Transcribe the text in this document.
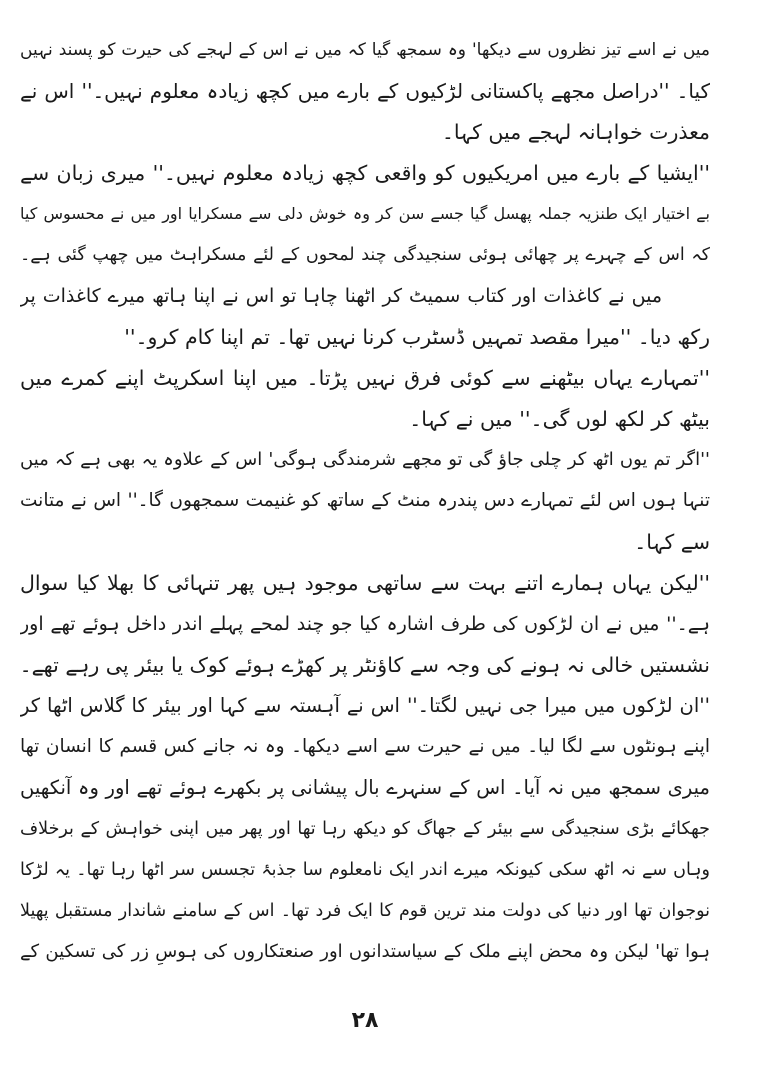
میں نے اسے تیز نظروں سے دیکھا' وہ سمجھ گیا کہ میں نے اس کے لہجے کی حیرت کو پسند نہیں
کیا۔ ''دراصل مجھے پاکستانی لڑکیوں کے بارے میں کچھ زیادہ معلوم نہیں۔'' اس نے
معذرت خواہانہ لہجے میں کہا۔
''ایشیا کے بارے میں امریکیوں کو واقعی کچھ زیادہ معلوم نہیں۔'' میری زبان سے
بے اختیار ایک طنزیہ جملہ پھسل گیا جسے سن کر وہ خوش دلی سے مسکرایا اور میں نے محسوس کیا
کہ اس کے چہرے پر چھائی ہوئی سنجیدگی چند لمحوں کے لئے مسکراہٹ میں چھپ گئی ہے۔
میں نے کاغذات اور کتاب سمیٹ کر اٹھنا چاہا تو اس نے اپنا ہاتھ میرے کاغذات پر
رکھ دیا۔ ''میرا مقصد تمہیں ڈسٹرب کرنا نہیں تھا۔ تم اپنا کام کرو۔''
''تمہارے یہاں بیٹھنے سے کوئی فرق نہیں پڑتا۔ میں اپنا اسکرپٹ اپنے کمرے میں
بیٹھ کر لکھ لوں گی۔'' میں نے کہا۔
''اگر تم یوں اٹھ کر چلی جاؤ گی تو مجھے شرمندگی ہوگی' اس کے علاوہ یہ بھی ہے کہ میں
تنہا ہوں اس لئے تمہارے دس پندرہ منٹ کے ساتھ کو غنیمت سمجھوں گا۔'' اس نے متانت
سے کہا۔
''لیکن یہاں ہمارے اتنے بہت سے ساتھی موجود ہیں پھر تنہائی کا بھلا کیا سوال
ہے۔'' میں نے ان لڑکوں کی طرف اشارہ کیا جو چند لمحے پہلے اندر داخل ہوئے تھے اور
نشستیں خالی نہ ہونے کی وجہ سے کاؤنٹر پر کھڑے ہوئے کوک یا بیئر پی رہے تھے۔
''ان لڑکوں میں میرا جی نہیں لگتا۔'' اس نے آہستہ سے کہا اور بیئر کا گلاس اٹھا کر
اپنے ہونٹوں سے لگا لیا۔ میں نے حیرت سے اسے دیکھا۔ وہ نہ جانے کس قسم کا انسان تھا
میری سمجھ میں نہ آیا۔ اس کے سنہرے بال پیشانی پر بکھرے ہوئے تھے اور وہ آنکھیں
جھکائے بڑی سنجیدگی سے بیئر کے جھاگ کو دیکھ رہا تھا اور پھر میں اپنی خواہش کے برخلاف
وہاں سے نہ اٹھ سکی کیونکہ میرے اندر ایک نامعلوم سا جذبۂ تجسس سر اٹھا رہا تھا۔ یہ لڑکا
نوجوان تھا اور دنیا کی دولت مند ترین قوم کا ایک فرد تھا۔ اس کے سامنے شاندار مستقبل پھیلا
ہوا تھا' لیکن وہ محض اپنے ملک کے سیاستدانوں اور صنعتکاروں کی ہوسِ زر کی تسکین کے
۲۸
